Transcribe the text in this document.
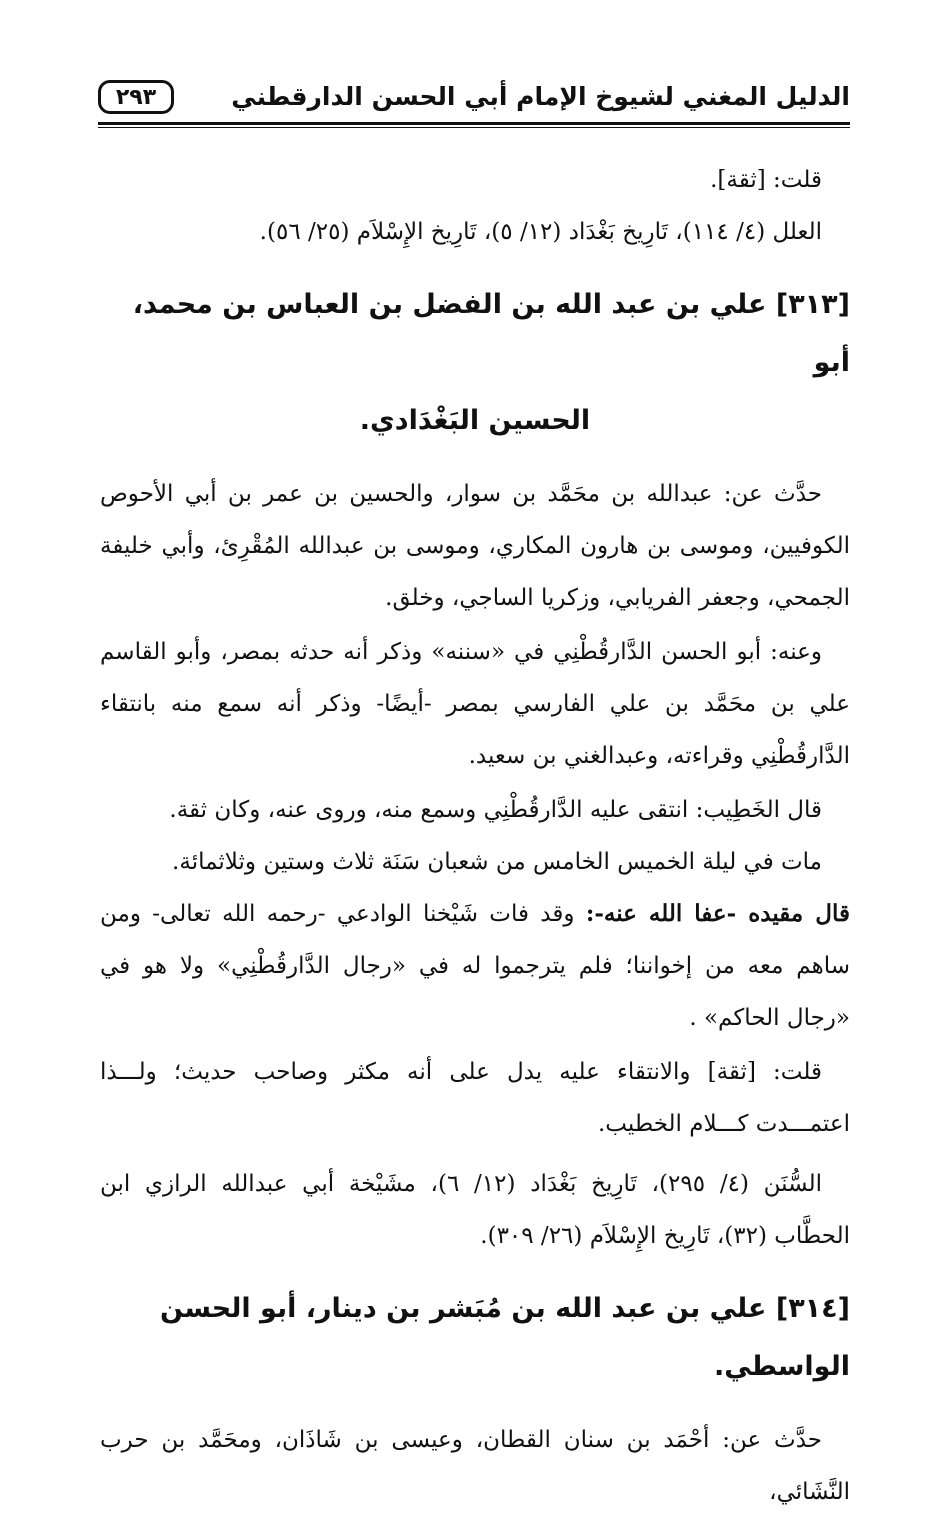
الدليل المغني لشيوخ الإمام أبي الحسن الدارقطني
٢٩٣

قلت: [ثقة].

العلل (٤/ ١١٤)، تَارِيخ بَغْدَاد (١٢/ ٥)، تَارِيخ الإِسْلاَم (٢٥/ ٥٦).

[٣١٣] علي بن عبد الله بن الفضل بن العباس بن محمد، أبو
الحسين البَغْدَادي.

حدَّث عن: عبدالله بن محَمَّد بن سوار، والحسين بن عمر بن أبي الأحوص الكوفيين، وموسى بن هارون المكاري، وموسى بن عبدالله المُقْرِئ، وأبي خليفة الجمحي، وجعفر الفريابي، وزكريا الساجي، وخلق.

وعنه: أبو الحسن الدَّارقُطْنِي في «سننه» وذكر أنه حدثه بمصر، وأبو القاسم علي بن محَمَّد بن علي الفارسي بمصر -أيضًا- وذكر أنه سمع منه بانتقاء الدَّارقُطْنِي وقراءته، وعبدالغني بن سعيد.

قال الخَطِيب: انتقى عليه الدَّارقُطْنِي وسمع منه، وروى عنه، وكان ثقة.

مات في ليلة الخميس الخامس من شعبان سَنَة ثلاث وستين وثلاثمائة.

قال مقيده -عفا الله عنه-: وقد فات شَيْخنا الوادعي -رحمه الله تعالى- ومن ساهم معه من إخواننا؛ فلم يترجموا له في «رجال الدَّارقُطْنِي» ولا هو في «رجال الحاكم» .

قلت: [ثقة] والانتقاء عليه يدل على أنه مكثر وصاحب حديث؛ ولـــذا اعتمـــدت كـــلام الخطيب.

السُّنَن (٤/ ٢٩٥)، تَارِيخ بَغْدَاد (١٢/ ٦)، مشَيْخة أبي عبدالله الرازي ابن الحطَّاب (٣٢)، تَارِيخ الإِسْلاَم (٢٦/ ٣٠٩).

[٣١٤] علي بن عبد الله بن مُبَشر بن دينار، أبو الحسن الواسطي.

حدَّث عن: أحْمَد بن سنان القطان، وعيسى بن شَاذَان، ومحَمَّد بن حرب النَّشَائي،
